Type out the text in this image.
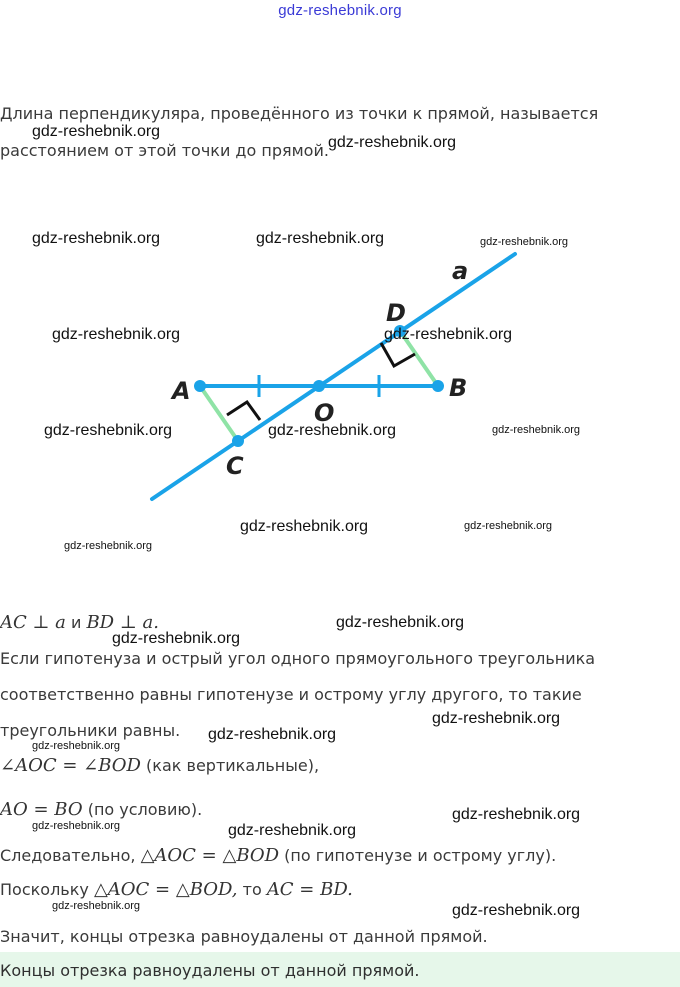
gdz-reshebnik.org
Длина перпендикуляра, проведённого из точки к прямой, называется
расстоянием от этой точки до прямой.
a
A	B
O
C
D
AC ⊥ a и BD ⊥ a.
Если гипотенуза и острый угол одного прямоугольного треугольника
соответственно равны гипотенузе и острому углу другого, то такие
треугольники равны.
∠AOC = ∠BOD (как вертикальные),
AO = BO (по условию).
Следовательно, △AOC = △BOD (по гипотенузе и острому углу).
Поскольку △AOC = △BOD, то AC = BD.
Значит, концы отрезка равноудалены от данной прямой.
Концы отрезка равноудалены от данной прямой.
gdz-reshebnik.org
gdz-reshebnik.org
gdz-reshebnik.org	gdz-reshebnik.org	gdz-reshebnik.org
gdz-reshebnik.org	gdz-reshebnik.org
gdz-reshebnik.org	gdz-reshebnik.org	gdz-reshebnik.org
gdz-reshebnik.org	gdz-reshebnik.org
gdz-reshebnik.org
gdz-reshebnik.org
gdz-reshebnik.org
gdz-reshebnik.org
gdz-reshebnik.org
gdz-reshebnik.org
gdz-reshebnik.org
gdz-reshebnik.org	gdz-reshebnik.org
gdz-reshebnik.org	gdz-reshebnik.org
